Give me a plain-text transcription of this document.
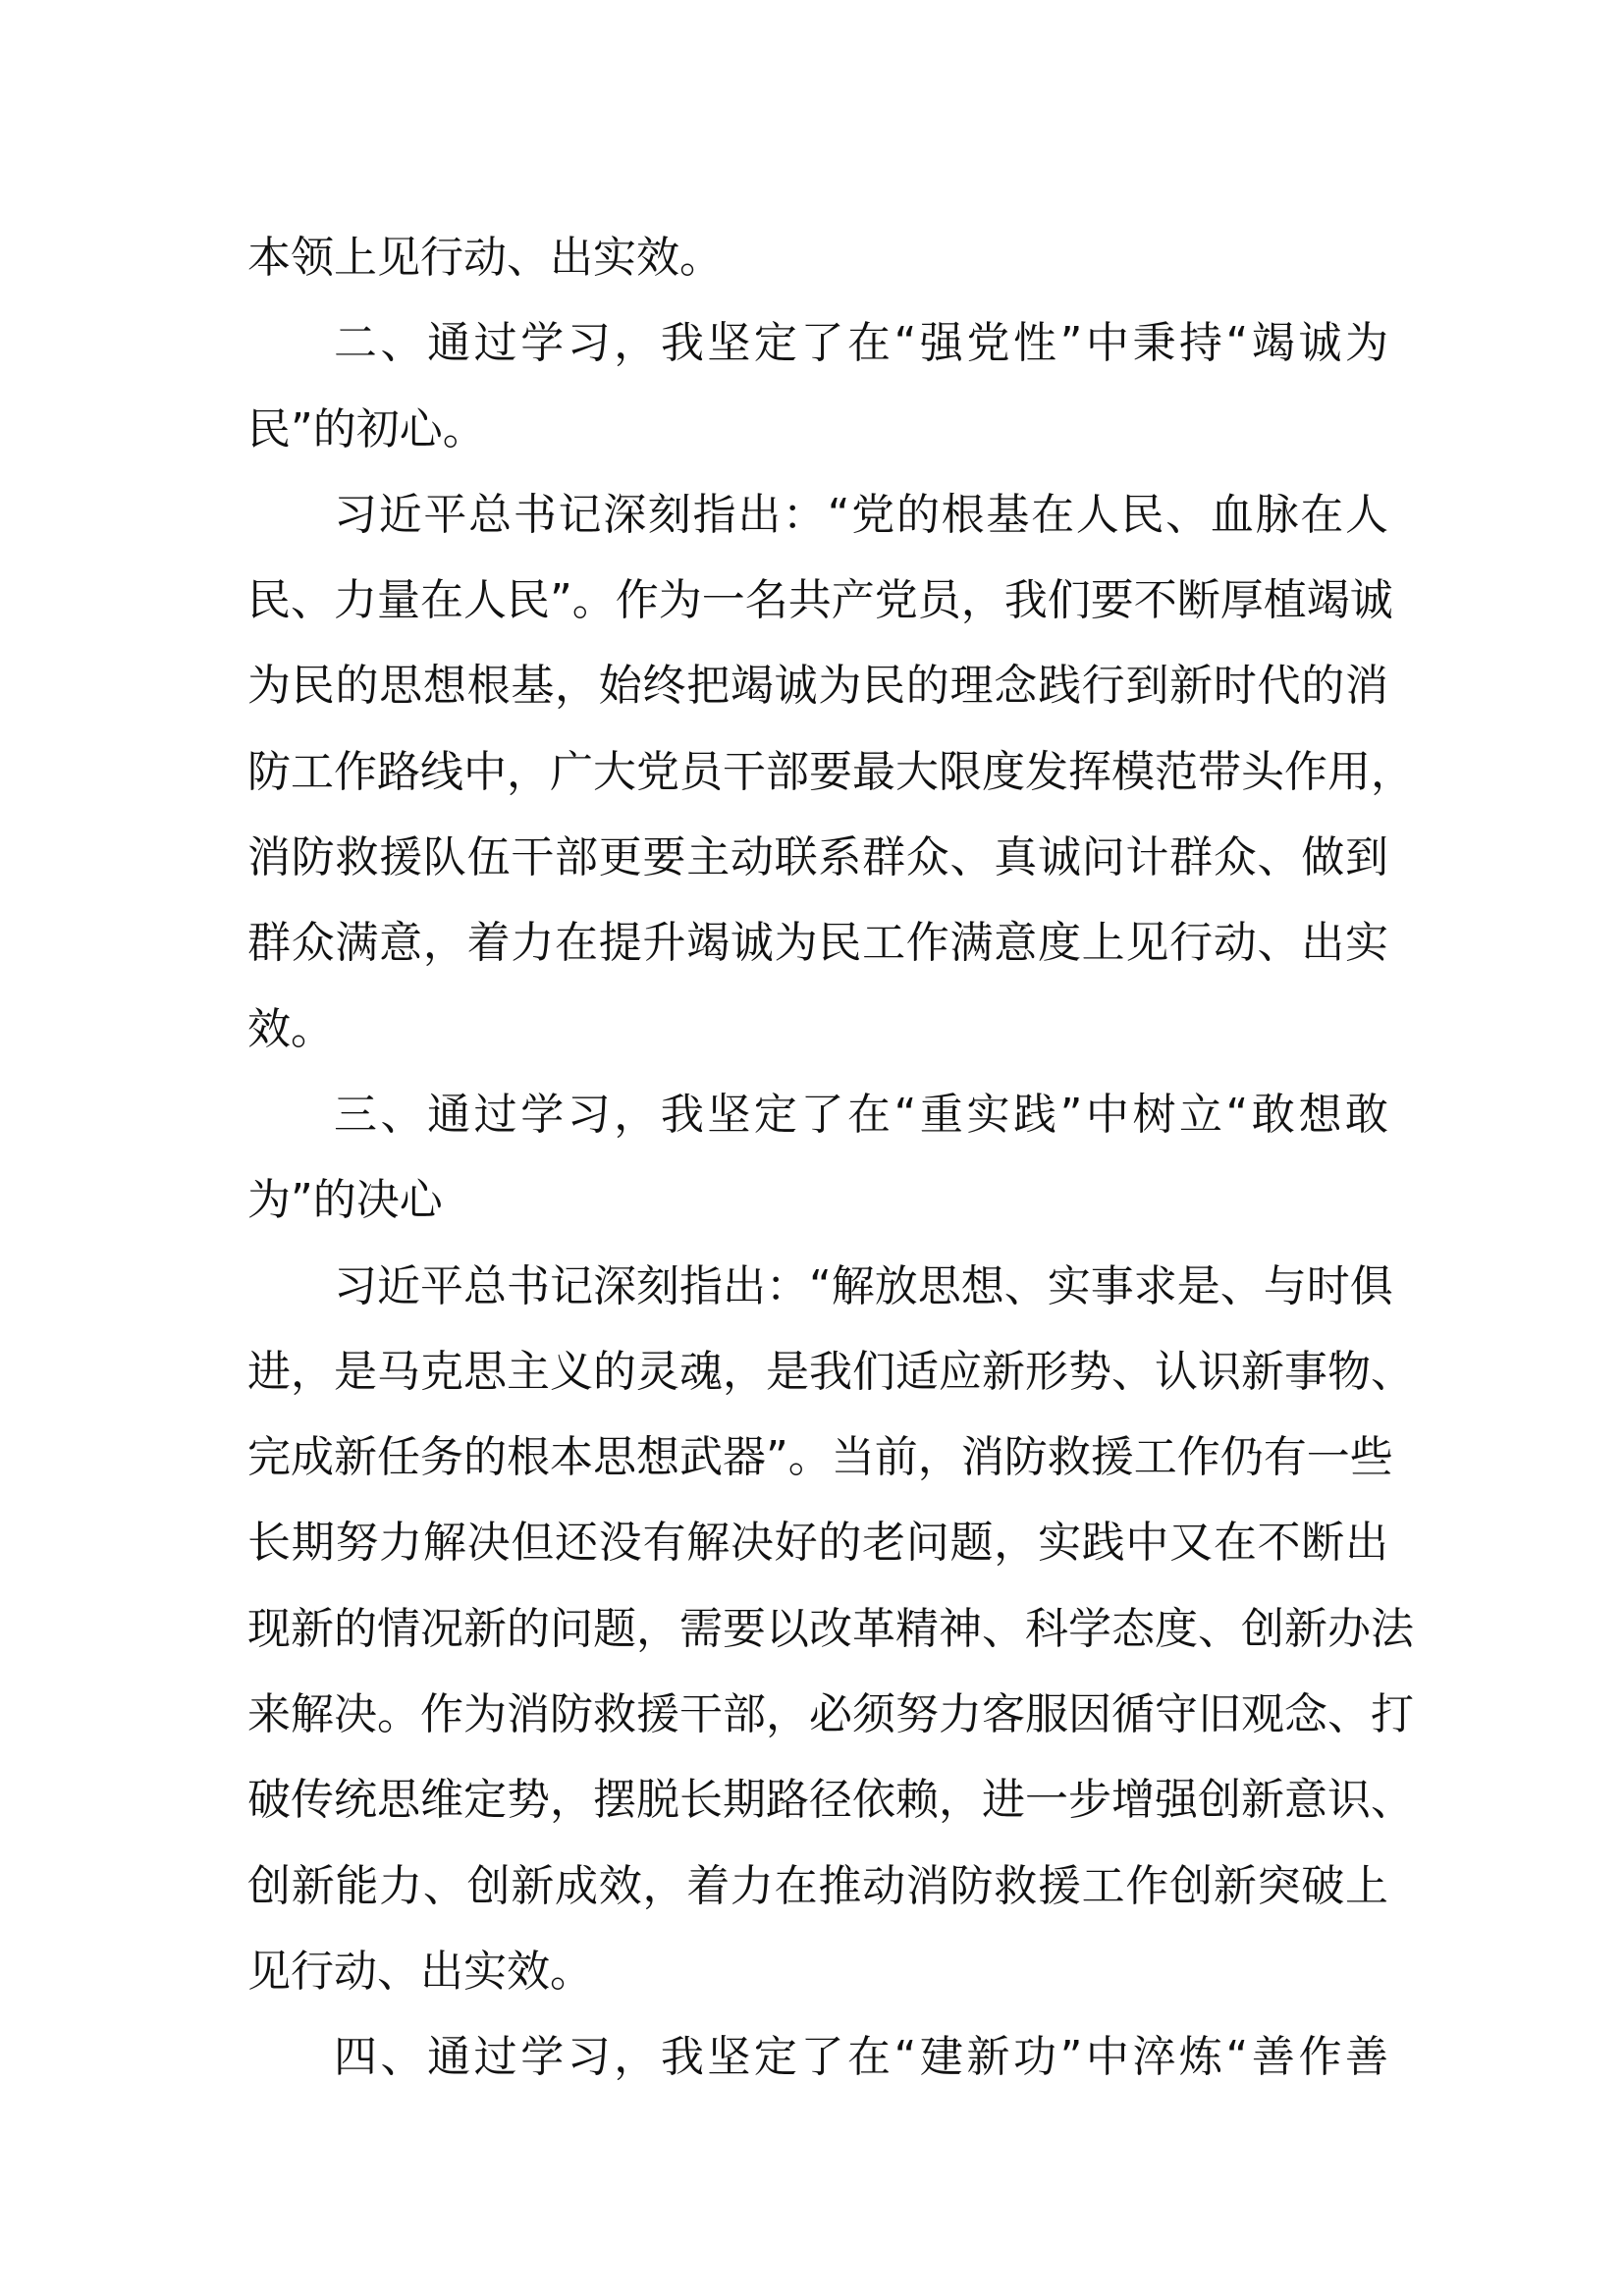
本领上见行动、出实效。
二、通过学习，我坚定了在“强党性”中秉持“竭诚为
民”的初心。
习近平总书记深刻指出：“党的根基在人民、血脉在人
民、力量在人民”。作为一名共产党员，我们要不断厚植竭诚
为民的思想根基，始终把竭诚为民的理念践行到新时代的消
防工作路线中，广大党员干部要最大限度发挥模范带头作用，
消防救援队伍干部更要主动联系群众、真诚问计群众、做到
群众满意，着力在提升竭诚为民工作满意度上见行动、出实
效。
三、通过学习，我坚定了在“重实践”中树立“敢想敢
为”的决心
习近平总书记深刻指出：“解放思想、实事求是、与时俱
进，是马克思主义的灵魂，是我们适应新形势、认识新事物、
完成新任务的根本思想武器”。当前，消防救援工作仍有一些
长期努力解决但还没有解决好的老问题，实践中又在不断出
现新的情况新的问题，需要以改革精神、科学态度、创新办法
来解决。作为消防救援干部，必须努力客服因循守旧观念、打
破传统思维定势，摆脱长期路径依赖，进一步增强创新意识、
创新能力、创新成效，着力在推动消防救援工作创新突破上
见行动、出实效。
四、通过学习，我坚定了在“建新功”中淬炼“善作善
